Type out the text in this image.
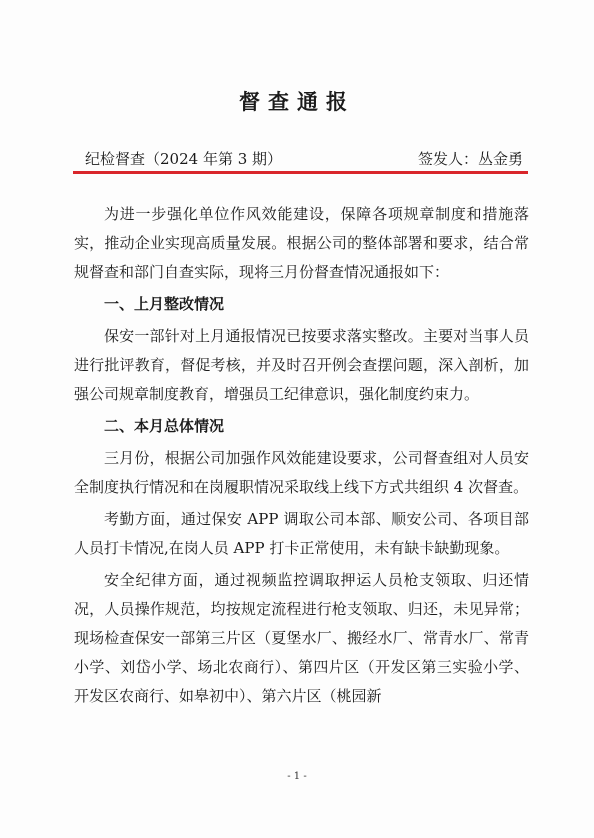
督查通报
纪检督查（2024 年第 3 期）	签发人：丛金勇

为进一步强化单位作风效能建设，保障各项规章制度和措施落实，推动企业实现高质量发展。根据公司的整体部署和要求，结合常规督查和部门自查实际，现将三月份督查情况通报如下：

一、上月整改情况

保安一部针对上月通报情况已按要求落实整改。主要对当事人员进行批评教育，督促考核，并及时召开例会查摆问题，深入剖析，加强公司规章制度教育，增强员工纪律意识，强化制度约束力。

二、本月总体情况

三月份，根据公司加强作风效能建设要求，公司督查组对人员安全制度执行情况和在岗履职情况采取线上线下方式共组织 4 次督查。

考勤方面，通过保安 APP 调取公司本部、顺安公司、各项目部人员打卡情况,在岗人员 APP 打卡正常使用，未有缺卡缺勤现象。

安全纪律方面，通过视频监控调取押运人员枪支领取、归还情况，人员操作规范，均按规定流程进行枪支领取、归还，未见异常；现场检查保安一部第三片区（夏堡水厂、搬经水厂、常青水厂、常青小学、刘岱小学、场北农商行）、第四片区（开发区第三实验小学、开发区农商行、如皋初中）、第六片区（桃园新

- 1 -
